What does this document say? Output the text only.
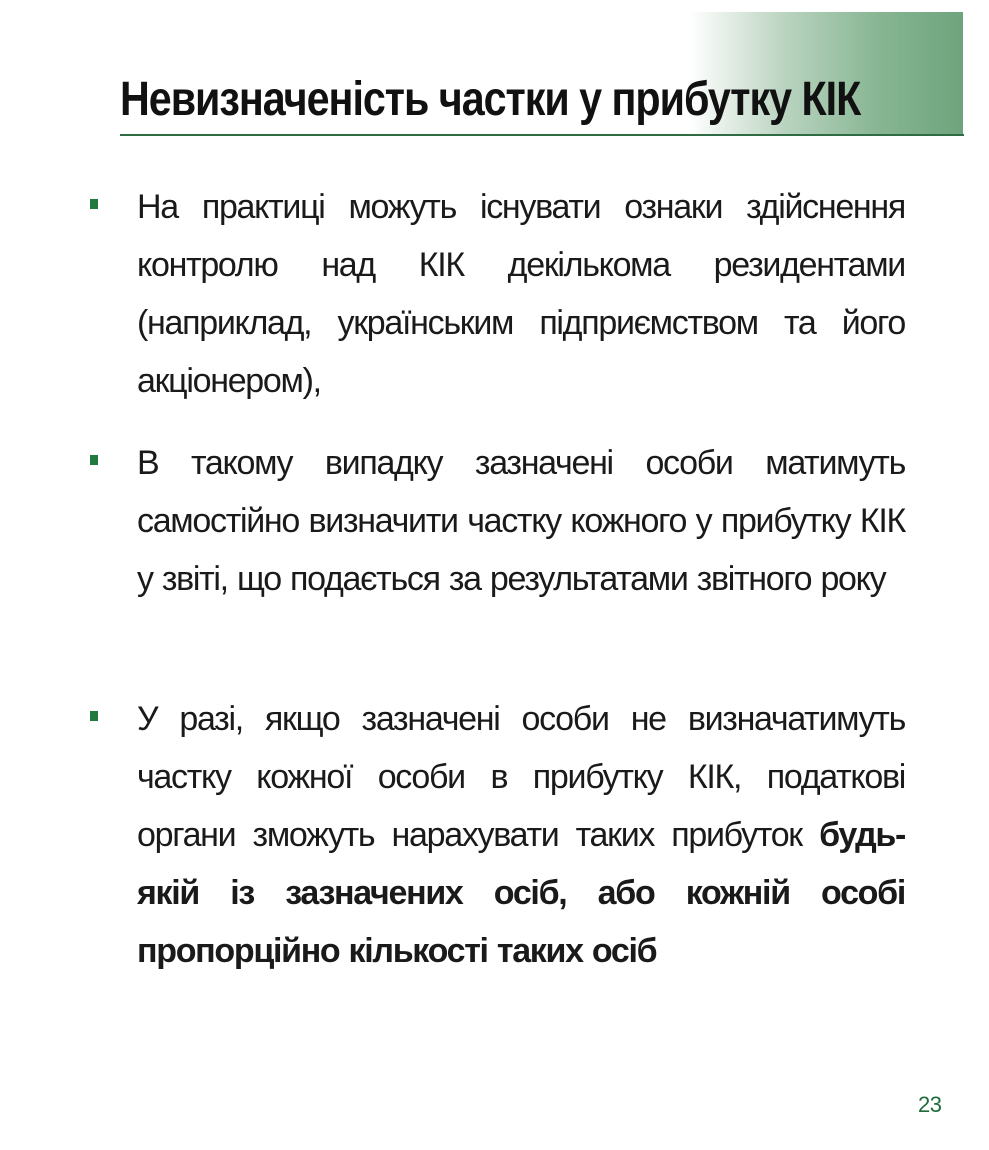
Невизначеність частки у прибутку КІК
На практиці можуть існувати ознаки здійснення контролю над КІК декількома резидентами (наприклад, українським підприємством та його акціонером),
В такому випадку зазначені особи матимуть самостійно визначити частку кожного у прибутку КІК у звіті, що подається за результатами звітного року
У разі, якщо зазначені особи не визначатимуть частку кожної особи в прибутку КІК, податкові органи зможуть нарахувати таких прибуток будь-якій із зазначених осіб, або кожній особі пропорційно кількості таких осіб
23
